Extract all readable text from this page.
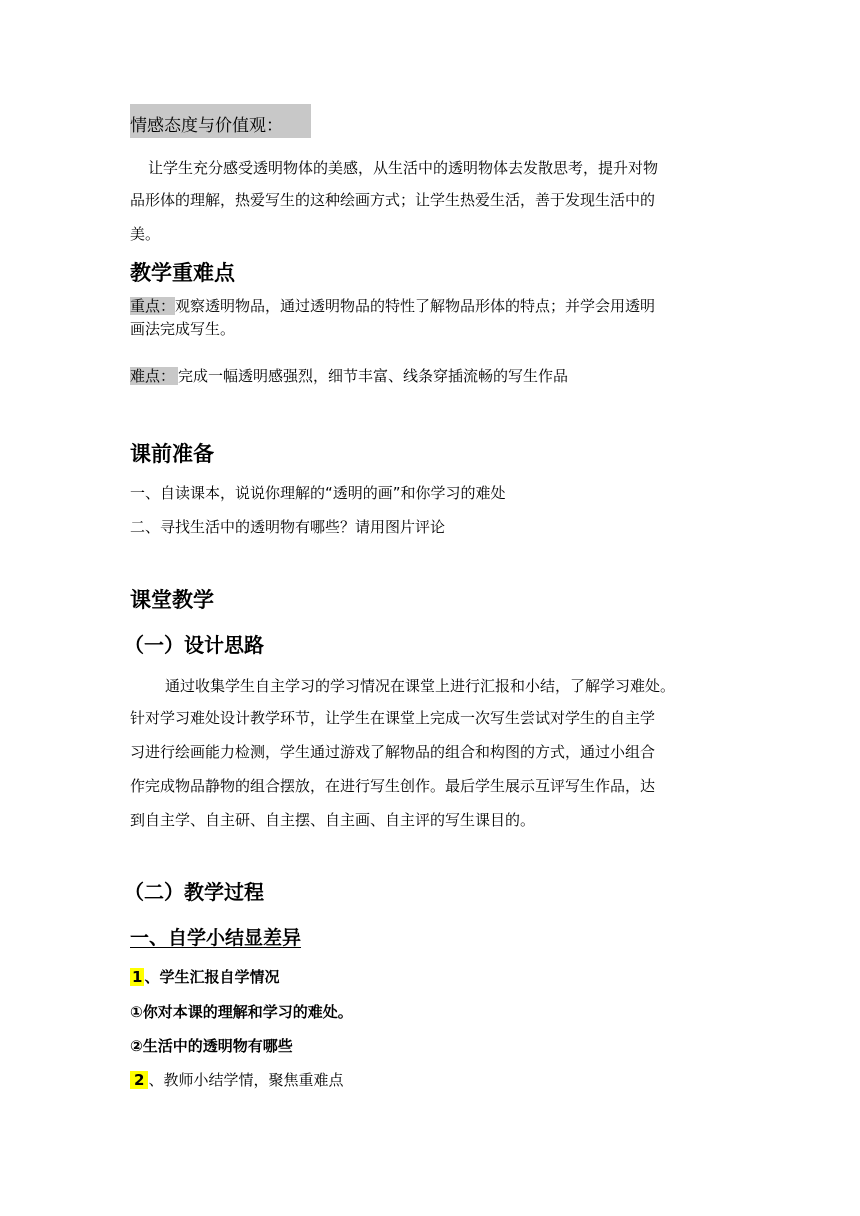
情感态度与价值观：
让学生充分感受透明物体的美感，从生活中的透明物体去发散思考，提升对物
品形体的理解，热爱写生的这种绘画方式；让学生热爱生活，善于发现生活中的
美。
教学重难点
重点：观察透明物品，通过透明物品的特性了解物品形体的特点；并学会用透明
画法完成写生。
难点： 完成一幅透明感强烈，细节丰富、线条穿插流畅的写生作品
课前准备
一、自读课本，说说你理解的“透明的画”和你学习的难处
二、寻找生活中的透明物有哪些？请用图片评论
课堂教学
（一）设计思路
通过收集学生自主学习的学习情况在课堂上进行汇报和小结，了解学习难处。
针对学习难处设计教学环节，让学生在课堂上完成一次写生尝试对学生的自主学
习进行绘画能力检测，学生通过游戏了解物品的组合和构图的方式，通过小组合
作完成物品静物的组合摆放，在进行写生创作。最后学生展示互评写生作品，达
到自主学、自主研、自主摆、自主画、自主评的写生课目的。
（二）教学过程
一、自学小结显差异
1 、学生汇报自学情况
①你对本课的理解和学习的难处。
②生活中的透明物有哪些
2 、教师小结学情，聚焦重难点
